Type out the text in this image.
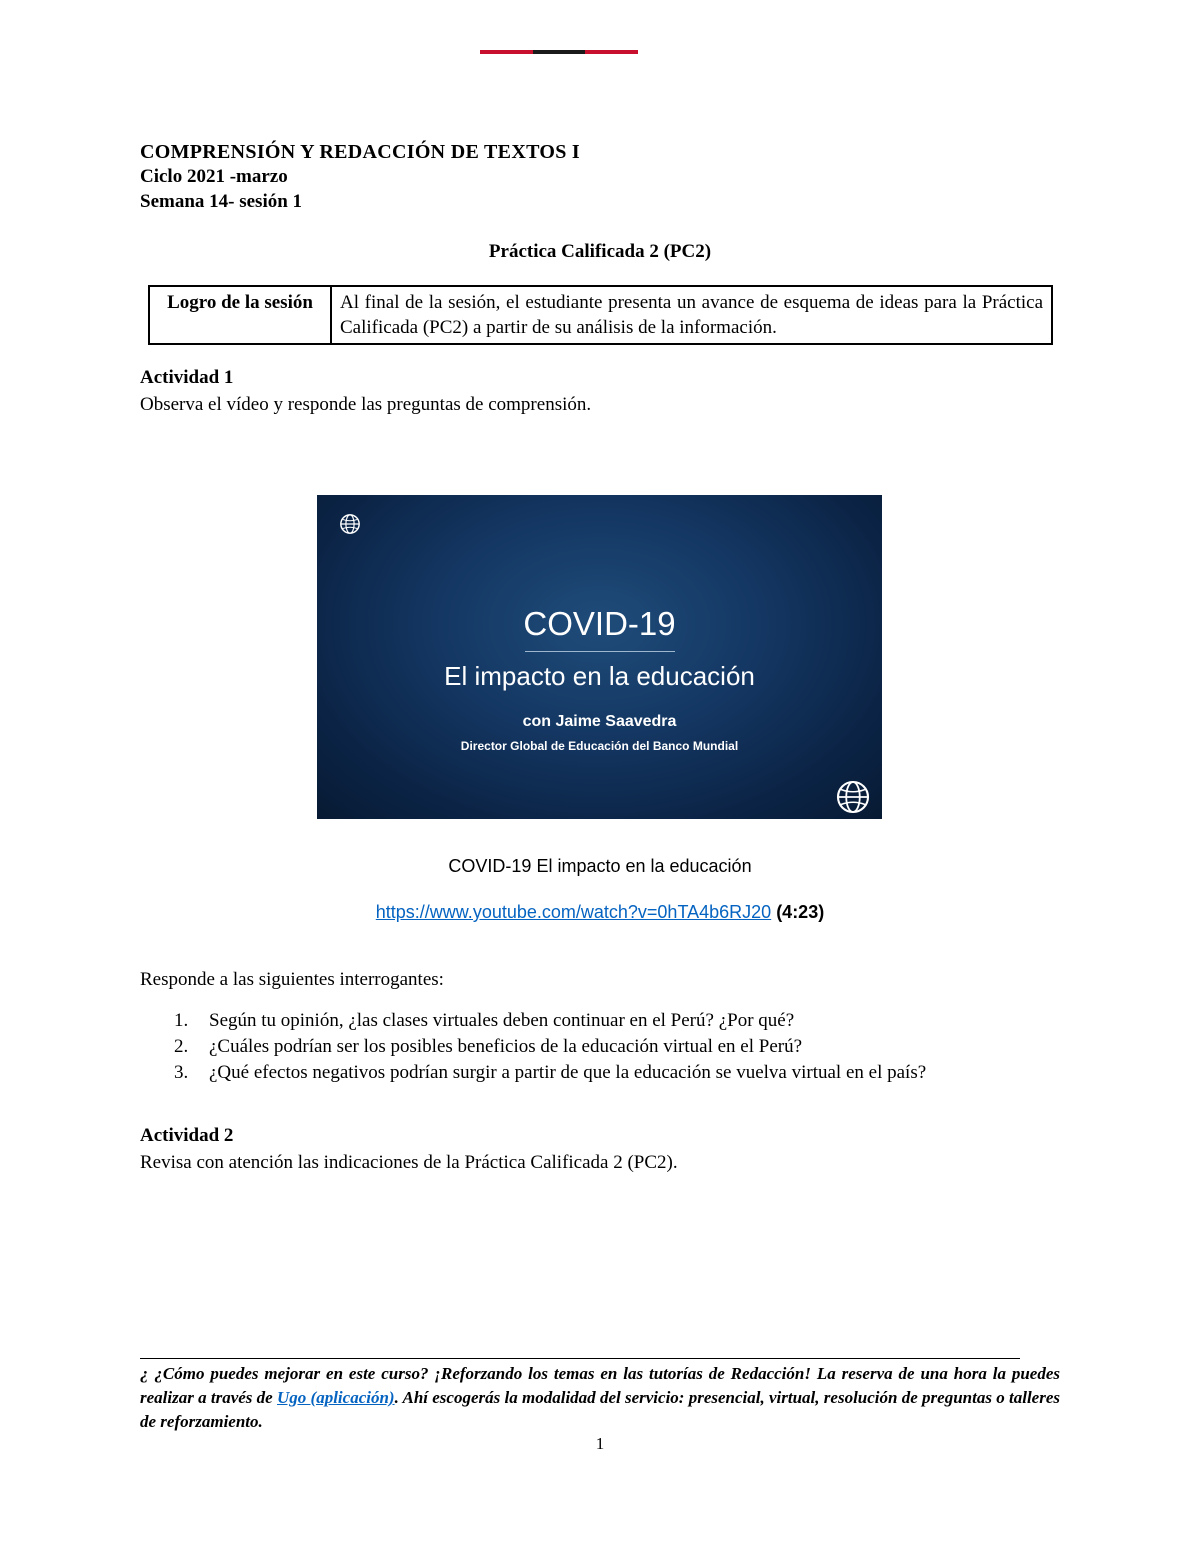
COMPRENSIÓN Y REDACCIÓN DE TEXTOS I
Ciclo 2021 -marzo
Semana 14- sesión 1
Práctica Calificada 2 (PC2)
Logro de la sesión	Al final de la sesión, el estudiante presenta un avance de esquema de ideas para la Práctica Calificada (PC2) a partir de su análisis de la información.
Actividad 1
Observa el vídeo y responde las preguntas de comprensión.
COVID-19
El impacto en la educación
con Jaime Saavedra
Director Global de Educación del Banco Mundial
COVID-19 El impacto en la educación
https://www.youtube.com/watch?v=0hTA4b6RJ20 (4:23)
Responde a las siguientes interrogantes:
1. Según tu opinión, ¿las clases virtuales deben continuar en el Perú? ¿Por qué?
2. ¿Cuáles podrían ser los posibles beneficios de la educación virtual en el Perú?
3. ¿Qué efectos negativos podrían surgir a partir de que la educación se vuelva virtual en el país?
Actividad 2
Revisa con atención las indicaciones de la Práctica Calificada 2 (PC2).
¿ ¿Cómo puedes mejorar en este curso? ¡Reforzando los temas en las tutorías de Redacción! La reserva de una hora la puedes realizar a través de Ugo (aplicación). Ahí escogerás la modalidad del servicio: presencial, virtual, resolución de preguntas o talleres de reforzamiento.
1
